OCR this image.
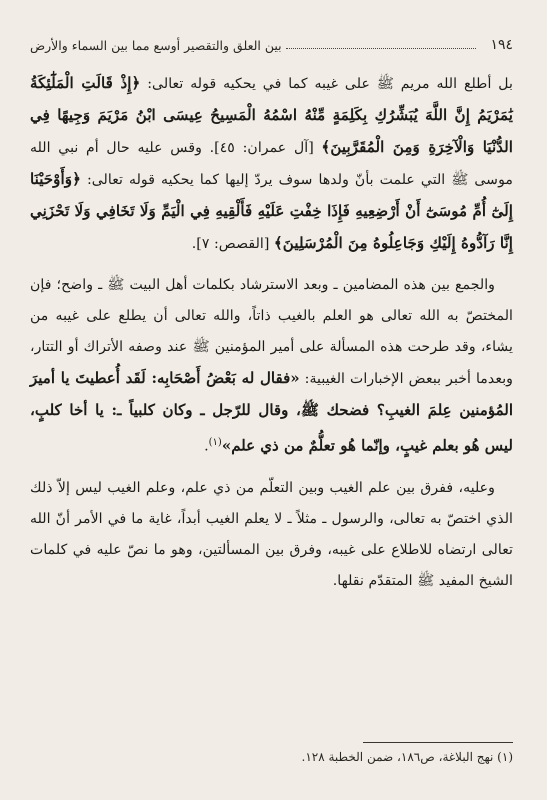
١٩٤
بين العلق والتقصير أوسع مما بين السماء والأرض

بل أطلع الله مريم ﷺ على غيبه كما في يحكيه قوله تعالى: ﴿إِذْ قَالَتِ الْمَلَٰٓئِكَةُ يَٰمَرْيَمُ إِنَّ اللَّهَ يُبَشِّرُكِ بِكَلِمَةٍ مِّنْهُ اسْمُهُ الْمَسِيحُ عِيسَى ابْنُ مَرْيَمَ وَجِيهًا فِي الدُّنْيَا وَالْآخِرَةِ وَمِنَ الْمُقَرَّبِينَ﴾ [آل عمران: ٤٥]. وقس عليه حال أم نبي الله موسى ﷺ التي علمت بأنّ ولدها سوف يردّ إليها كما يحكيه قوله تعالى: ﴿وَأَوْحَيْنَا إِلَىٰٓ أُمِّ مُوسَىٰٓ أَنْ أَرْضِعِيهِ فَإِذَا خِفْتِ عَلَيْهِ فَأَلْقِيهِ فِي الْيَمِّ وَلَا تَخَافِي وَلَا تَحْزَنِي إِنَّا رَآدُّوهُ إِلَيْكِ وَجَاعِلُوهُ مِنَ الْمُرْسَلِينَ﴾ [القصص: ٧].

والجمع بين هذه المضامين ـ وبعد الاسترشاد بكلمات أهل البيت ﷺ ـ واضح؛ فإن المختصّ به الله تعالى هو العلم بالغيب ذاتاً، والله تعالى أن يطلع على غيبه من يشاء، وقد طرحت هذه المسألة على أمير المؤمنين ﷺ عند وصفه الأتراك أو التتار، وبعدما أخبر ببعض الإخبارات الغيبية: «فقال له بَعْضُ أَصْحَابِه: لَقَد أُعطيتَ يا أميرَ المُؤمنين عِلمَ الغيبِ؟ فضحك ﷺ، وقال للرّجل ـ وكان كلبياً ـ: يا أخا كلبٍ، ليس هُو بعلم غيبٍ، وإنّما هُو تعلُّمٌ من ذي علم»$^{(١)}$.

وعليه، ففرق بين علم الغيب وبين التعلّم من ذي علم، وعلم الغيب ليس إلاّ ذلك الذي اختصّ به تعالى، والرسول ـ مثلاً ـ لا يعلم الغيب أبداً، غاية ما في الأمر أنّ الله تعالى ارتضاه للاطلاع على غيبه، وفرق بين المسألتين، وهو ما نصّ عليه في كلمات الشيخ المفيد ﷺ المتقدّم نقلها.

(١) نهج البلاغة، ص١٨٦، ضمن الخطبة ١٢٨.
